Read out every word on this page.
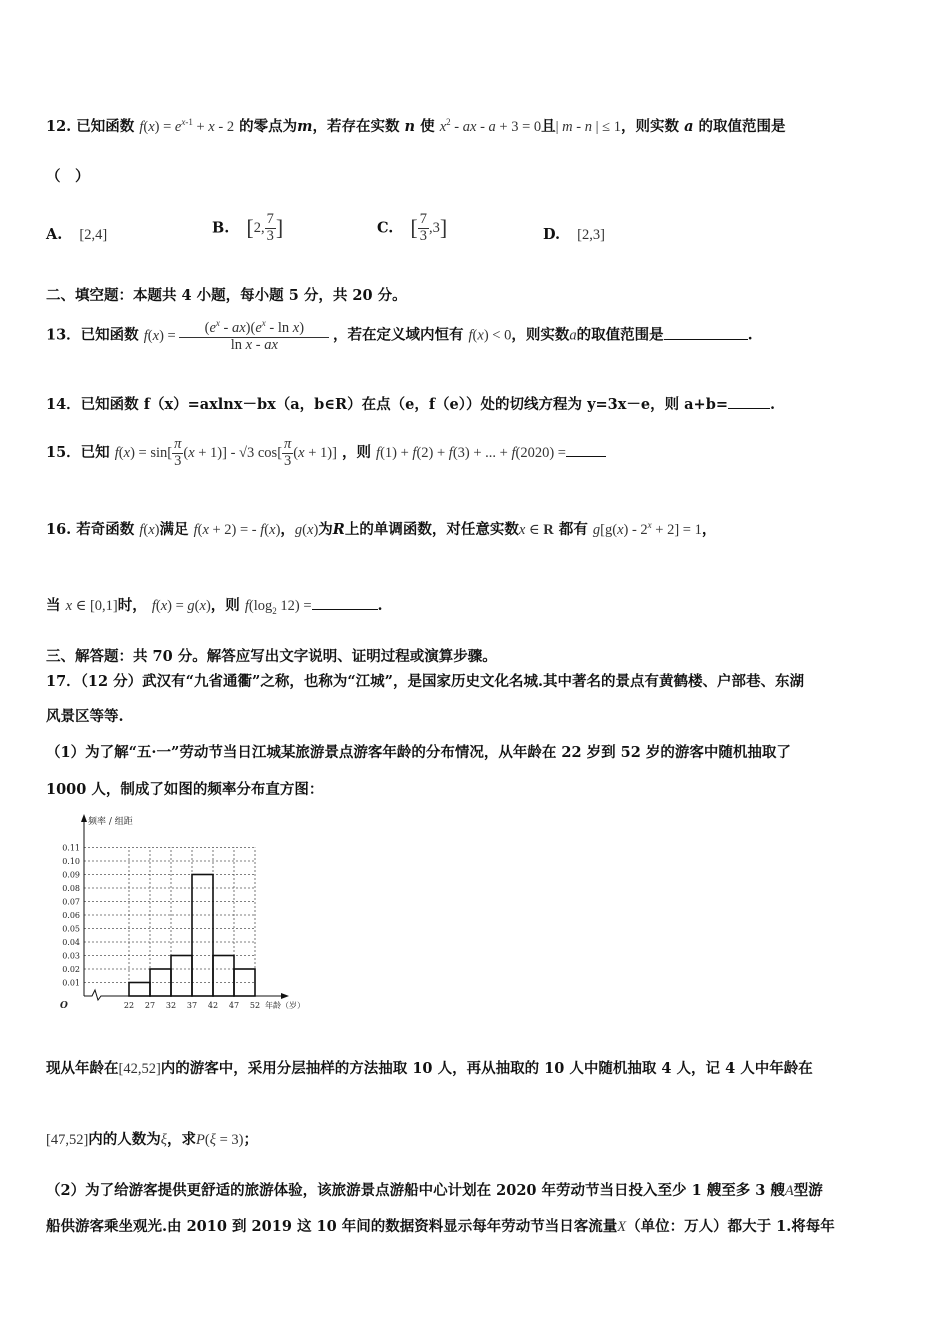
12. 已知函数 $f(x) = e^{x-1} + x - 2$ 的零点为m，若存在实数 n 使 $x^2$ - ax - a + 3 = 0且| m - n | ≤ 1，则实数 a 的取值范围是
（　）
A. [2,4]	B. [2, $\frac{7}{3}$ ]	C. [ $\frac{7}{3} ,3$]	D. [2,3]
二、填空题：本题共 4 小题，每小题 5 分，共 20 分。
13．已知函数 $f(x) = \frac{(e^x - ax)(e^x - \ln x)}{\text{ln x - ax}}$ ，若在定义域内恒有 f(x) < 0，则实数a的取值范围是	.
14．已知函数 f（x）=axlnx－bx（a，b∈R）在点（e，f（e））处的切线方程为 y=3x－e，则 a+b=	.
15．已知 $f(x) = \sin[ \frac{\pi}{3} (x + 1)] - √3$ $\cos[ \frac{\pi}{3} (x + 1)]$ ，则 f(1) + f(2) + f(3) + ... + f(2020) =
16. 若奇函数 f(x)满足 f(x + 2) = - f(x)，g(x)为R上的单调函数，对任意实数x ∈ R 都有 $g[g(x) - 2^x + 2] = 1$，
当 x ∈ [0,1]时， f(x) = g(x)，则 $f(\log_2$ 12) =	.
三、解答题：共 70 分。解答应写出文字说明、证明过程或演算步骤。
17．（12 分）武汉有“九省通衢”之称，也称为“江城”，是国家历史文化名城.其中著名的景点有黄鹤楼、户部巷、东湖
风景区等等.
（1）为了解“五·一”劳动节当日江城某旅游景点游客年龄的分布情况，从年龄在 22 岁到 52 岁的游客中随机抽取了
1000 人，制成了如图的频率分布直方图：
0.01
0.02
0.03
0.04
0.05
0.06
0.07
0.08
0.09
0.10
0.11
22 27 32 37 42 47 52
频率 / 组距
年龄（岁）
O
现从年龄在[42,52]内的游客中，采用分层抽样的方法抽取 10 人，再从抽取的 10 人中随机抽取 4 人，记 4 人中年龄在
[47,52]内的人数为ξ，求P(ξ = 3)；
（2）为了给游客提供更舒适的旅游体验，该旅游景点游船中心计划在 2020 年劳动节当日投入至少 1 艘至多 3 艘A型游
船供游客乘坐观光.由 2010 到 2019 这 10 年间的数据资料显示每年劳动节当日客流量X（单位：万人）都大于 1.将每年
